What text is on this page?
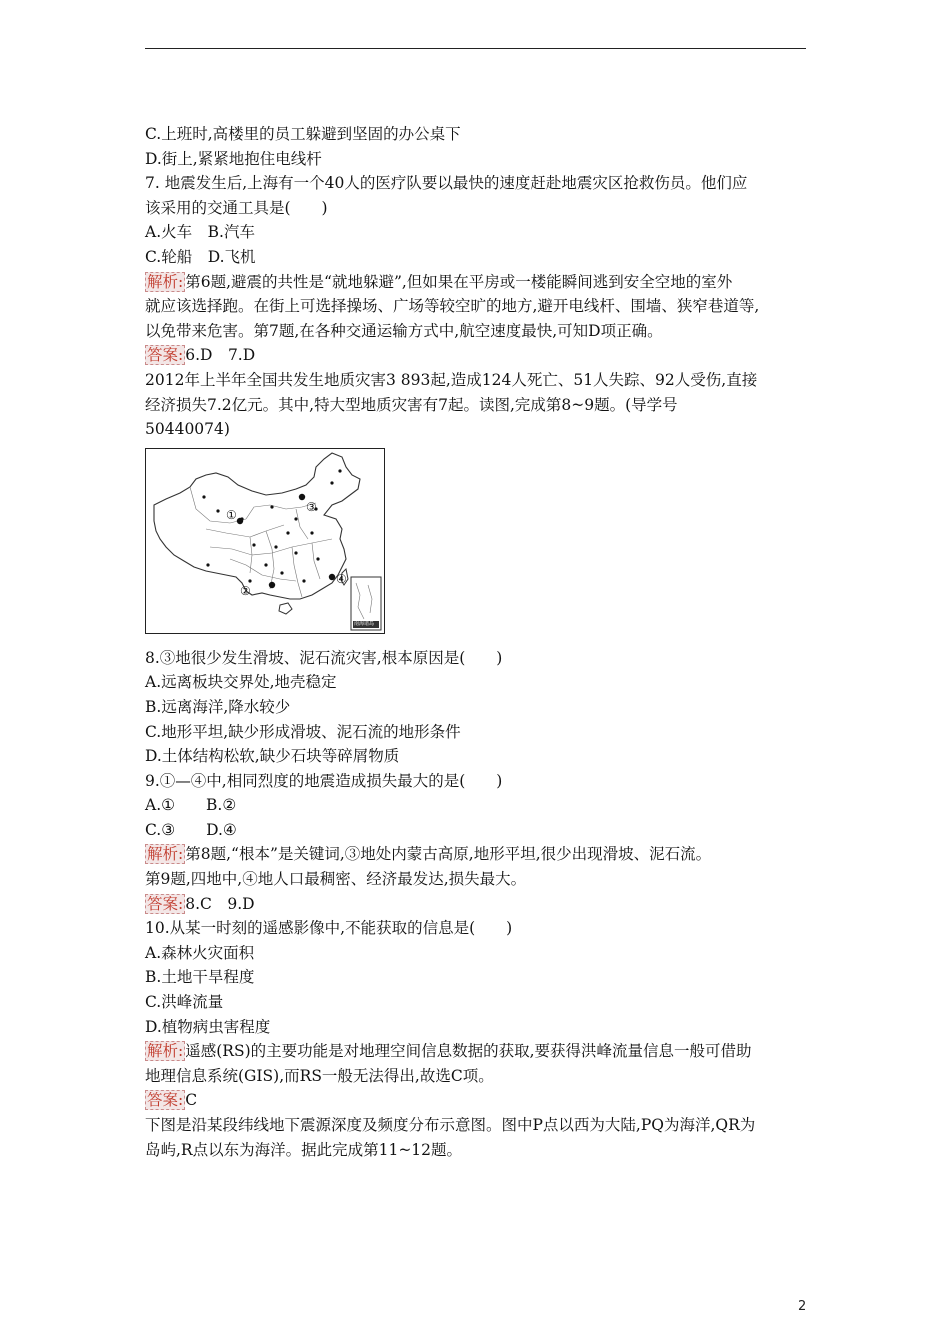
C.上班时,高楼里的员工躲避到坚固的办公桌下
D.街上,紧紧地抱住电线杆
7. 地震发生后,上海有一个40人的医疗队要以最快的速度赶赴地震灾区抢救伤员。他们应
该采用的交通工具是(　　)
A.火车　B.汽车
C.轮船　D.飞机
解析: 第6题,避震的共性是“就地躲避”,但如果在平房或一楼能瞬间逃到安全空地的室外
就应该选择跑。在街上可选择操场、广场等较空旷的地方,避开电线杆、围墙、狭窄巷道等,
以免带来危害。第7题,在各种交通运输方式中,航空速度最快,可知D项正确。
答案: 6.D　7.D
2012年上半年全国共发生地质灾害3 893起,造成124人死亡、51人失踪、92人受伤,直接
经济损失7.2亿元。其中,特大型地质灾害有7起。读图,完成第8~9题。(导学号
50440074)
①
②
③
④
南海诸岛
8.③地很少发生滑坡、泥石流灾害,根本原因是(　　)
A.远离板块交界处,地壳稳定
B.远离海洋,降水较少
C.地形平坦,缺少形成滑坡、泥石流的地形条件
D.土体结构松软,缺少石块等碎屑物质
9.①—④中,相同烈度的地震造成损失最大的是(　　)
A.①　　B.②
C.③　　D.④
解析: 第8题,“根本”是关键词,③地处内蒙古高原,地形平坦,很少出现滑坡、泥石流。
第9题,四地中,④地人口最稠密、经济最发达,损失最大。
答案: 8.C　9.D
10.从某一时刻的遥感影像中,不能获取的信息是(　　)
A.森林火灾面积
B.土地干旱程度
C.洪峰流量
D.植物病虫害程度
解析: 遥感(RS)的主要功能是对地理空间信息数据的获取,要获得洪峰流量信息一般可借助
地理信息系统(GIS),而RS一般无法得出,故选C项。
答案: C
下图是沿某段纬线地下震源深度及频度分布示意图。图中P点以西为大陆,PQ为海洋,QR为
岛屿,R点以东为海洋。据此完成第11~12题。
2
